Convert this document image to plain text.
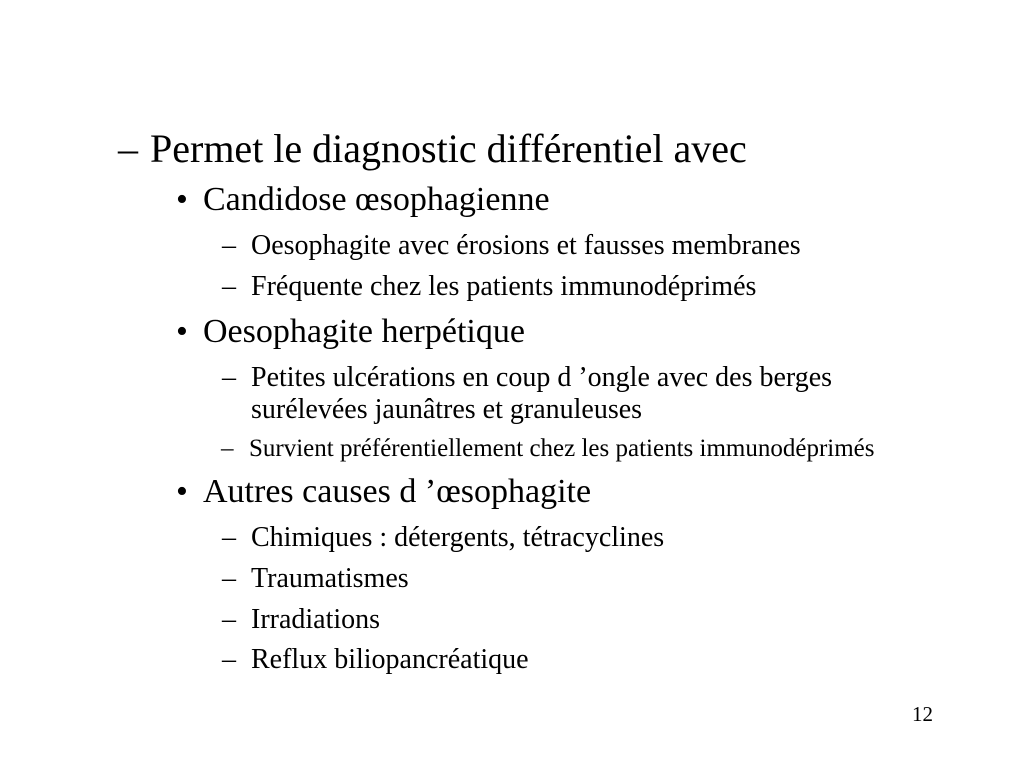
– Permet le diagnostic différentiel avec
• Candidose œsophagienne
– Oesophagite avec érosions et fausses membranes
– Fréquente chez les patients immunodéprimés
• Oesophagite herpétique
– Petites ulcérations en coup d ’ongle avec des berges
surélevées jaunâtres et granuleuses
– Survient préférentiellement chez les patients immunodéprimés
• Autres causes d ’œsophagite
– Chimiques : détergents, tétracyclines
– Traumatismes
– Irradiations
– Reflux biliopancréatique
12
